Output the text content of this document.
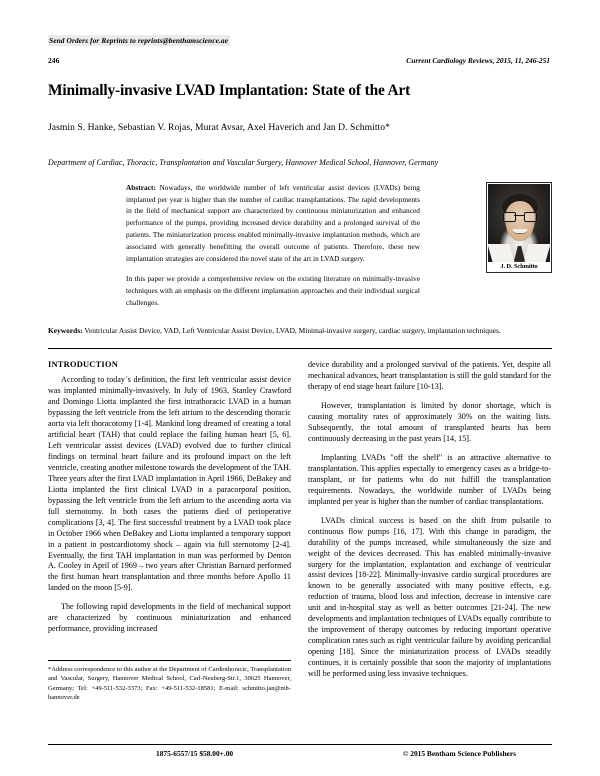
Send Orders for Reprints to reprints@benthamscience.ae
246	Current Cardiology Reviews, 2015, 11, 246-251
Minimally-invasive LVAD Implantation: State of the Art
Jasmin S. Hanke, Sebastian V. Rojas, Murat Avsar, Axel Haverich and Jan D. Schmitto*
Department of Cardiac, Thoracic, Transplantation and Vascular Surgery, Hannover Medical School, Hannover, Germany
Abstract: Nowadays, the worldwide number of left ventricular assist devices (LVADs) being implanted per year is higher than the number of cardiac transplantations. The rapid developments in the field of mechanical support are characterized by continuous miniaturization and enhanced performance of the pumps, providing increased device durability and a prolonged survival of the patients. The miniaturization process enabled minimally-invasive implantation methods, which are associated with generally benefitting the overall outcome of patients. Therefore, these new implantation strategies are considered the novel state of the art in LVAD surgery.
In this paper we provide a comprehensive review on the existing literature on minimally-invasive techniques with an emphasis on the different implantation approaches and their individual surgical challenges.
J. D. Schmitto
Keywords: Ventricular Assist Device, VAD, Left Ventricular Assist Device, LVAD, Minimal-invasive surgery, cardiac surgery, implantation techniques.
INTRODUCTION

According to today´s definition, the first left ventricular assist device was implanted minimally-invasively. In July of 1963, Stanley Crawford and Domingo Liotta implanted the first intrathoracic LVAD in a human bypassing the left ventricle from the left atrium to the descending thoracic aorta via left thoracotomy [1-4]. Mankind long dreamed of creating a total artificial heart (TAH) that could replace the failing human heart [5, 6]. Left ventricular assist devices (LVAD) evolved due to further clinical findings on terminal heart failure and its profound impact on the left ventricle, creating another milestone towards the development of the TAH. Three years after the first LVAD implantation in April 1966, DeBakey and Liotta implanted the first clinical LVAD in a paracorporal position, bypassing the left ventricle from the left atrium to the ascending aorta via full sternotomy. In both cases the patients died of perioperative complications [3, 4]. The first successful treatment by a LVAD took place in October 1966 when DeBakey and Liotta implanted a temporary support in a patient in postcardiotomy shock – again via full sternotomy [2-4]. Eventually, the first TAH implantation in man was performed by Denton A. Cooley in April of 1969 – two years after Christian Barnard performed the first human heart transplantation and three months before Apollo 11 landed on the moon [5-9].

The following rapid developments in the field of mechanical support are characterized by continuous miniaturization and enhanced performance, providing increased

device durability and a prolonged survival of the patients. Yet, despite all mechanical advances, heart transplantation is still the gold standard for the therapy of end stage heart failure [10-13].

However, transplantation is limited by donor shortage, which is causing mortality rates of approximately 30% on the waiting lists. Subsequently, the total amount of transplanted hearts has been continuously decreasing in the past years [14, 15].

Implanting LVADs "off the shelf" is an attractive alternative to transplantation. This applies especially to emergency cases as a bridge-to-transplant, or for patients who do not fulfill the transplantation requirements. Nowadays, the worldwide number of LVADs being implanted per year is higher than the number of cardiac transplantations.

LVADs clinical success is based on the shift from pulsatile to continuous flow pumps [16, 17]. With this change in paradigm, the durability of the pumps increased, while simultaneously the size and weight of the devices decreased. This has enabled minimally-invasive surgery for the implantation, explantation and exchange of ventricular assist devices [18-22]. Minimally-invasive cardio surgical procedures are known to be generally associated with many positive effects, e.g. reduction of trauma, blood loss and infection, decrease in intensive care unit and in-hospital stay as well as better outcomes [21-24]. The new developments and implantation techniques of LVADs equally contribute to the improvement of therapy outcomes by reducing important operative complication rates such as right ventricular failure by avoiding pericardial opening [18]. Since the miniaturization process of LVADs steadily continues, it is certainly possible that soon the majority of implantations will be performed using less invasive techniques.

*Address correspondence to this author at the Department of Cardiothoracic, Transplantation and Vascular, Surgery, Hannover Medical School, Carl-Neuberg-Str.1, 30625 Hannover, Germany; Tel: +49-511-532-3373; Fax: +49-511-532-18581; E-mail: schmitto.jan@mh-hannover.de
1875-6557/15 $58.00+.00	© 2015 Bentham Science Publishers
